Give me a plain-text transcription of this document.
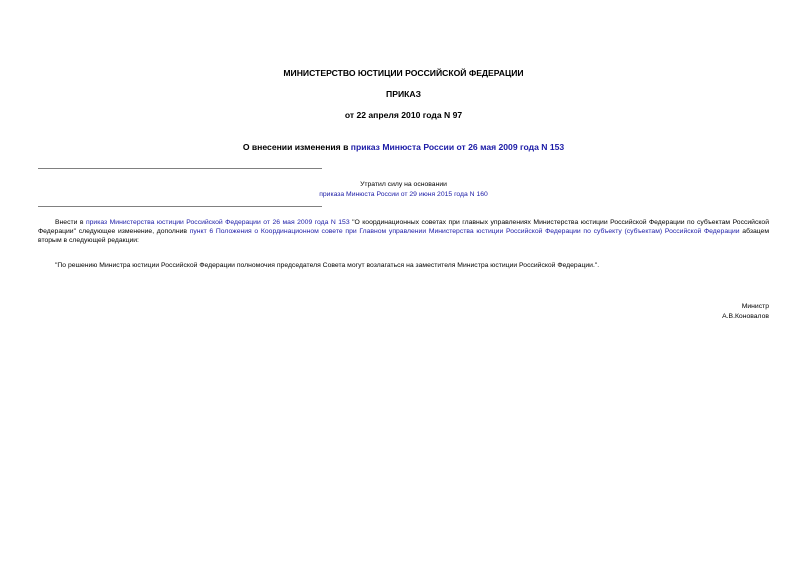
МИНИСТЕРСТВО ЮСТИЦИИ РОССИЙСКОЙ ФЕДЕРАЦИИ
ПРИКАЗ
от 22 апреля 2010 года N 97
О внесении изменения в приказ Минюста России от 26 мая 2009 года N 153
Утратил силу на основании
приказа Минюста России от 29 июня 2015 года N 160
Внести в приказ Министерства юстиции Российской Федерации от 26 мая 2009 года N 153 "О координационных советах при главных управлениях Министерства юстиции Российской Федерации по субъектам Российской Федерации" следующее изменение, дополнив пункт 6 Положения о Координационном совете при Главном управлении Министерства юстиции Российской Федерации по субъекту (субъектам) Российской Федерации абзацем вторым в следующей редакции:
"По решению Министра юстиции Российской Федерации полномочия председателя Совета могут возлагаться на заместителя Министра юстиции Российской Федерации.".
Министр
А.В.Коновалов
